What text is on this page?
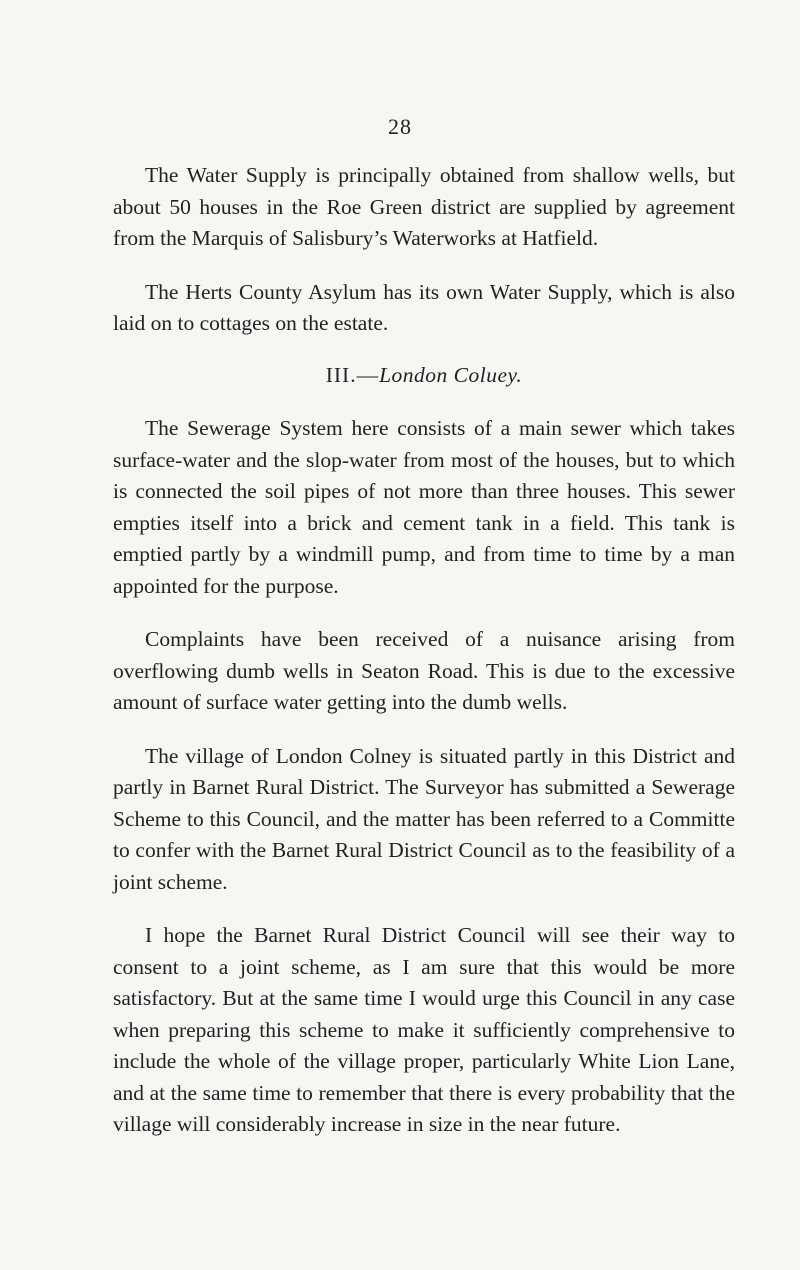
28

The Water Supply is principally obtained from shallow wells, but about 50 houses in the Roe Green district are supplied by agreement from the Marquis of Salisbury’s Waterworks at Hatfield.

The Herts County Asylum has its own Water Supply, which is also laid on to cottages on the estate.

III.—London Coluey.

The Sewerage System here consists of a main sewer which takes surface-water and the slop-water from most of the houses, but to which is connected the soil pipes of not more than three houses. This sewer empties itself into a brick and cement tank in a field. This tank is emptied partly by a windmill pump, and from time to time by a man appointed for the purpose.

Complaints have been received of a nuisance arising from overflowing dumb wells in Seaton Road. This is due to the excessive amount of surface water getting into the dumb wells.

The village of London Colney is situated partly in this District and partly in Barnet Rural District. The Surveyor has submitted a Sewerage Scheme to this Council, and the matter has been referred to a Committe to confer with the Barnet Rural District Council as to the feasibility of a joint scheme.

I hope the Barnet Rural District Council will see their way to consent to a joint scheme, as I am sure that this would be more satisfactory. But at the same time I would urge this Council in any case when preparing this scheme to make it sufficiently comprehensive to include the whole of the village proper, particularly White Lion Lane, and at the same time to remember that there is every probability that the village will considerably increase in size in the near future.
